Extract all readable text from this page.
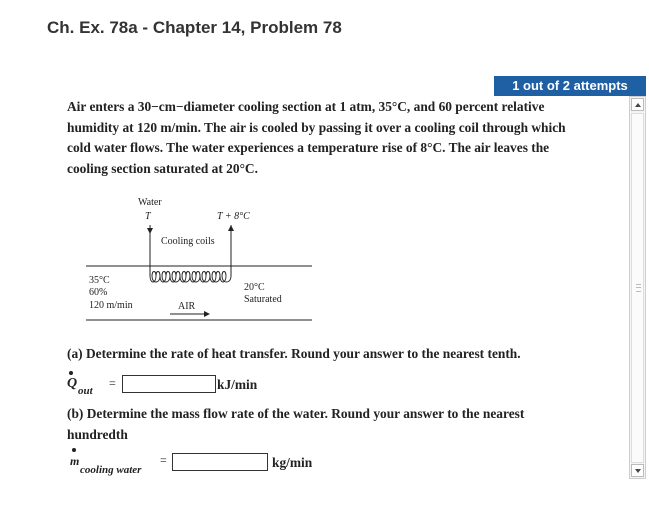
Ch. Ex. 78a - Chapter 14, Problem 78
1 out of 2 attempts
Air enters a 30−cm−diameter cooling section at 1 atm, 35°C, and 60 percent relative
humidity at 120 m/min. The air is cooled by passing it over a cooling coil through which
cold water flows. The water experiences a temperature rise of 8°C. The air leaves the
cooling section saturated at 20°C.
Water
T	T + 8°C
Cooling coils
35°C
60%
120 m/min
20°C
Saturated
AIR
(a) Determine the rate of heat transfer. Round your answer to the nearest tenth.
Q out
=	kJ/min
(b) Determine the mass flow rate of the water. Round your answer to the nearest
hundredth
m
cooling water
=	kg/min
